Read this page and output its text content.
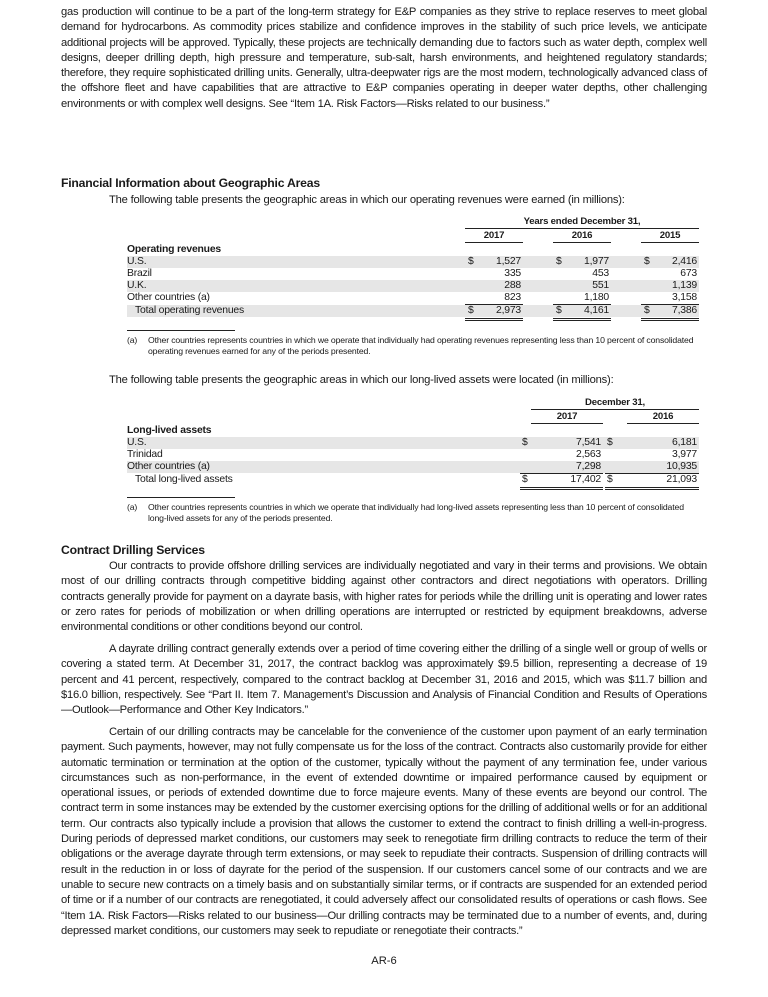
gas production will continue to be a part of the long-term strategy for E&P companies as they strive to replace reserves to meet global demand for hydrocarbons. As commodity prices stabilize and confidence improves in the stability of such price levels, we anticipate additional projects will be approved. Typically, these projects are technically demanding due to factors such as water depth, complex well designs, deeper drilling depth, high pressure and temperature, sub-salt, harsh environments, and heightened regulatory standards; therefore, they require sophisticated drilling units. Generally, ultra-deepwater rigs are the most modern, technologically advanced class of the offshore fleet and have capabilities that are attractive to E&P companies operating in deeper water depths, other challenging environments or with complex well designs. See “Item 1A. Risk Factors—Risks related to our business.”

Financial Information about Geographic Areas
The following table presents the geographic areas in which our operating revenues were earned (in millions):
Years ended December 31,
2017	2016	2015
Operating revenues
U.S.	$	1,527	$	1,977	$	2,416
Brazil	335	453	673
U.K.	288	551	1,139
Other countries (a)	823	1,180	3,158
Total operating revenues	$	2,973	$	4,161	$	7,386
(a)	Other countries represents countries in which we operate that individually had operating revenues representing less than 10 percent of consolidated operating revenues earned for any of the periods presented.
The following table presents the geographic areas in which our long-lived assets were located (in millions):
December 31,
2017	2016
Long-lived assets
U.S.	$	7,541 $	6,181
Trinidad	2,563	3,977
Other countries (a)	7,298	10,935
Total long-lived assets	$	17,402 $	21,093
(a)	Other countries represents countries in which we operate that individually had long-lived assets representing less than 10 percent of consolidated long-lived assets for any of the periods presented.
Contract Drilling Services

Our contracts to provide offshore drilling services are individually negotiated and vary in their terms and provisions. We obtain most of our drilling contracts through competitive bidding against other contractors and direct negotiations with operators. Drilling contracts generally provide for payment on a dayrate basis, with higher rates for periods while the drilling unit is operating and lower rates or zero rates for periods of mobilization or when drilling operations are interrupted or restricted by equipment breakdowns, adverse environmental conditions or other conditions beyond our control.

A dayrate drilling contract generally extends over a period of time covering either the drilling of a single well or group of wells or covering a stated term. At December 31, 2017, the contract backlog was approximately $9.5 billion, representing a decrease of 19 percent and 41 percent, respectively, compared to the contract backlog at December 31, 2016 and 2015, which was $11.7 billion and $16.0 billion, respectively. See “Part II. Item 7. Management’s Discussion and Analysis of Financial Condition and Results of Operations—Outlook—Performance and Other Key Indicators.”

Certain of our drilling contracts may be cancelable for the convenience of the customer upon payment of an early termination payment. Such payments, however, may not fully compensate us for the loss of the contract. Contracts also customarily provide for either automatic termination or termination at the option of the customer, typically without the payment of any termination fee, under various circumstances such as non-performance, in the event of extended downtime or impaired performance caused by equipment or operational issues, or periods of extended downtime due to force majeure events. Many of these events are beyond our control. The contract term in some instances may be extended by the customer exercising options for the drilling of additional wells or for an additional term. Our contracts also typically include a provision that allows the customer to extend the contract to finish drilling a well-in-progress. During periods of depressed market conditions, our customers may seek to renegotiate firm drilling contracts to reduce the term of their obligations or the average dayrate through term extensions, or may seek to repudiate their contracts. Suspension of drilling contracts will result in the reduction in or loss of dayrate for the period of the suspension. If our customers cancel some of our contracts and we are unable to secure new contracts on a timely basis and on substantially similar terms, or if contracts are suspended for an extended period of time or if a number of our contracts are renegotiated, it could adversely affect our consolidated results of operations or cash flows. See “Item 1A. Risk Factors—Risks related to our business—Our drilling contracts may be terminated due to a number of events, and, during depressed market conditions, our customers may seek to repudiate or renegotiate their contracts.”

AR-6
